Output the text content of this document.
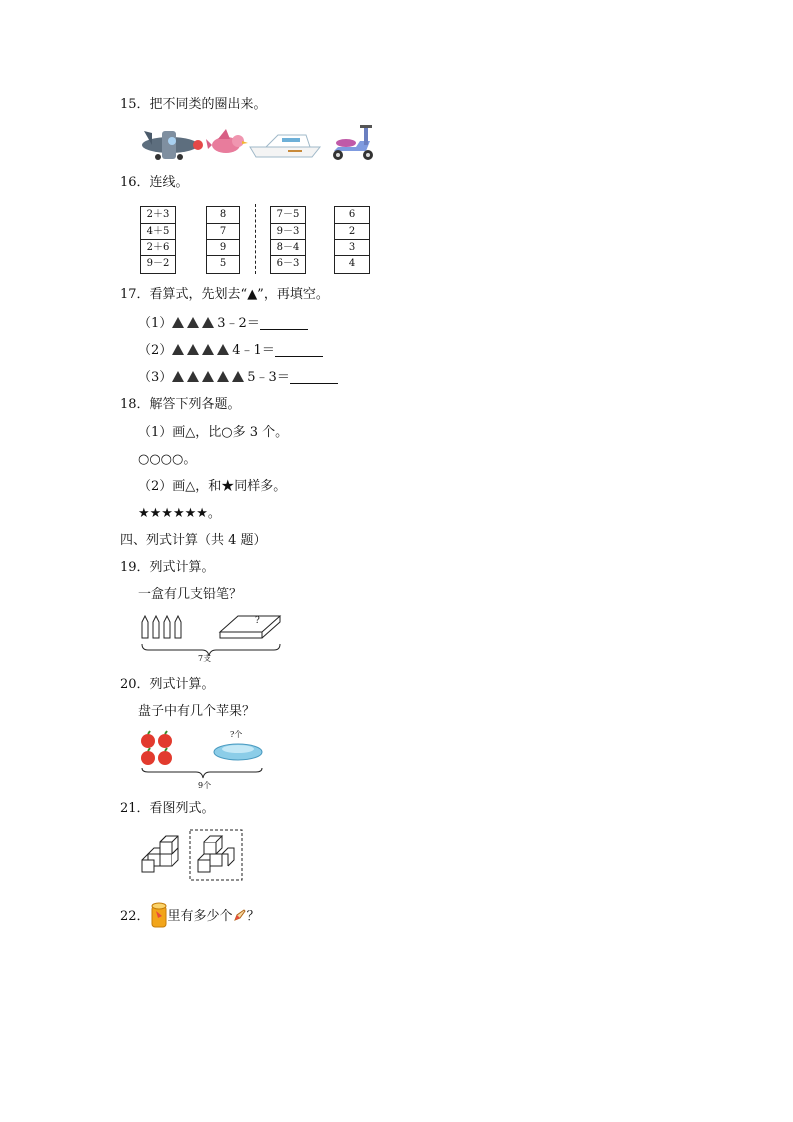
15．把不同类的圈出来。
16．连线。
2＋3
4＋5
2＋6
9－2
8
7
9
5
7－5
9－3
8－4
6－3
6
2
3
4
17．看算式，先划去“▲”，再填空。
（1）	3﹣2＝
（2）	4﹣1＝
（3）	5﹣3＝
18．解答下列各题。
（1）画△，比○多 3 个。
○○○○。
（2）画△，和★同样多。
★★★★★★。
四、列式计算（共 4 题）
19．列式计算。
一盒有几支铅笔？
?
7支
20．列式计算。
盘子中有几个苹果？
?个
9个
21．看图列式。
22． 里有多少个 ？
